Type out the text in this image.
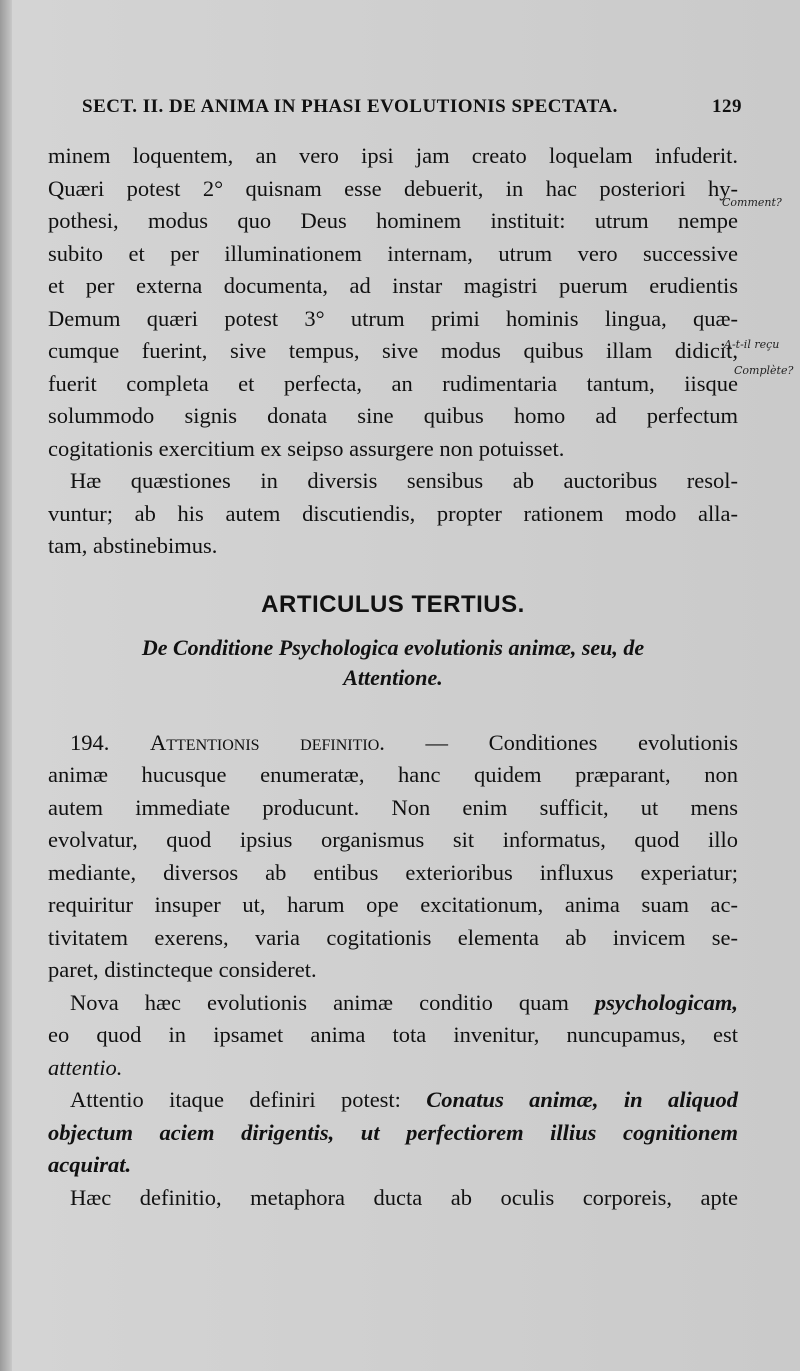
SECT. II. DE ANIMA IN PHASI EVOLUTIONIS SPECTATA.	129
minem loquentem, an vero ipsi jam creato loquelam infuderit.
Quæri potest 2° quisnam esse debuerit, in hac posteriori hy-
pothesi, modus quo Deus hominem instituit: utrum nempe
subito et per illuminationem internam, utrum vero successive
et per externa documenta, ad instar magistri puerum erudientis
Demum quæri potest 3° utrum primi hominis lingua, quæ-
cumque fuerint, sive tempus, sive modus quibus illam didicit,
fuerit completa et perfecta, an rudimentaria tantum, iisque
solummodo signis donata sine quibus homo ad perfectum
cogitationis exercitium ex seipso assurgere non potuisset.
Hæ quæstiones in diversis sensibus ab auctoribus resol-
vuntur; ab his autem discutiendis, propter rationem modo alla-
tam, abstinebimus.
ARTICULUS TERTIUS.
De Conditione Psychologica evolutionis animæ, seu, de
Attentione.
194. Attentionis definitio. — Conditiones evolutionis
animæ hucusque enumeratæ, hanc quidem præparant, non
autem immediate producunt. Non enim sufficit, ut mens
evolvatur, quod ipsius organismus sit informatus, quod illo
mediante, diversos ab entibus exterioribus influxus experiatur;
requiritur insuper ut, harum ope excitationum, anima suam ac-
tivitatem exerens, varia cogitationis elementa ab invicem se-
paret, distincteque consideret.
Nova hæc evolutionis animæ conditio quam psychologicam,
eo quod in ipsamet anima tota invenitur, nuncupamus, est
attentio.
Attentio itaque definiri potest: Conatus animæ, in aliquod
objectum aciem dirigentis, ut perfectiorem illius cognitionem
acquirat.
Hæc definitio, metaphora ducta ab oculis corporeis, apte
Comment?
A-t-il reçu
Complète?
